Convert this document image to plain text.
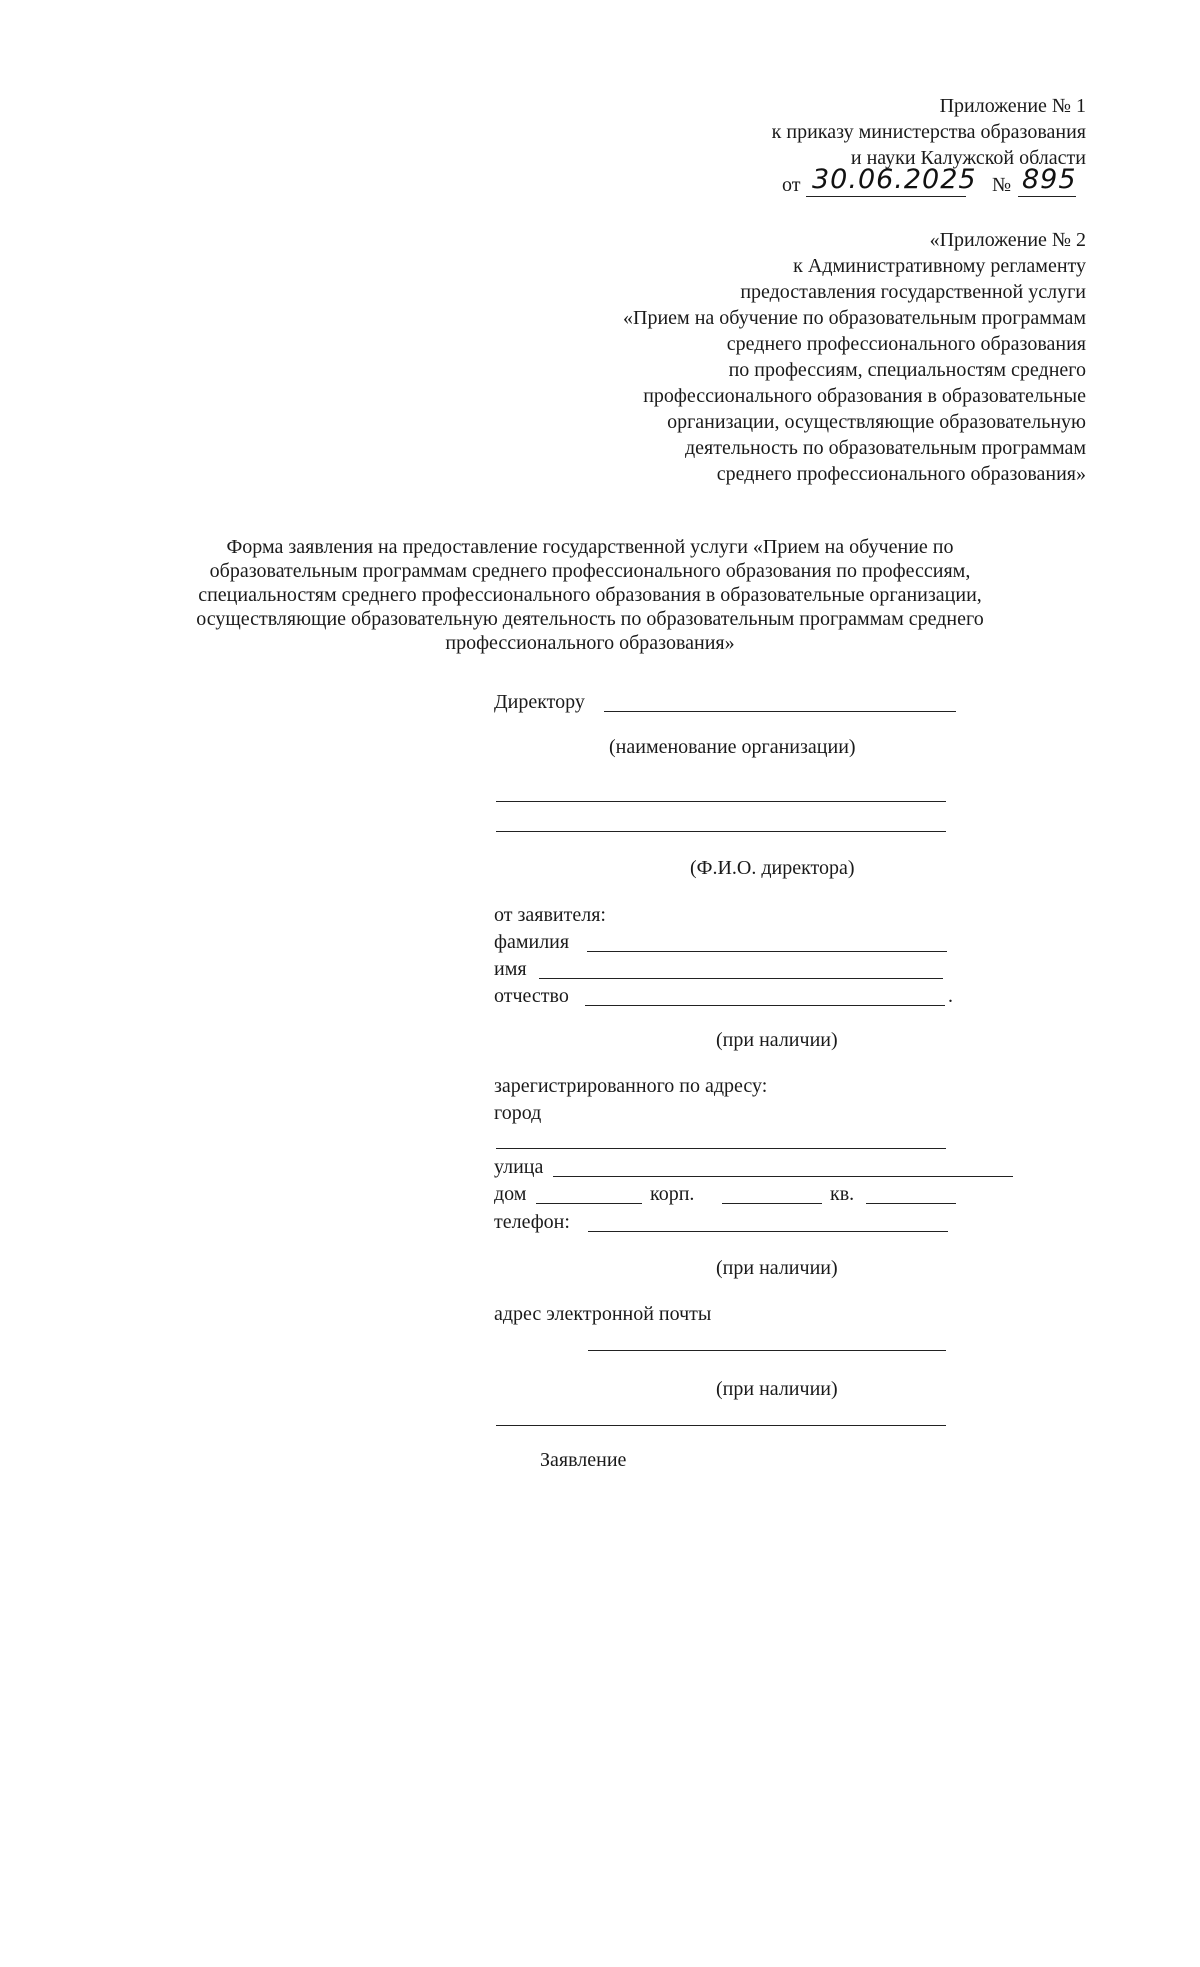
Приложение № 1
к приказу министерства образования
и науки Калужской области
от 30.06.2025 № 895
«Приложение № 2
к Административному регламенту
предоставления государственной услуги
«Прием на обучение по образовательным программам
среднего профессионального образования
по профессиям, специальностям среднего
профессионального образования в образовательные
организации, осуществляющие образовательную
деятельность по образовательным программам
среднего профессионального образования»
Форма заявления на предоставление государственной услуги «Прием на обучение по
образовательным программам среднего профессионального образования по профессиям,
специальностям среднего профессионального образования в образовательные организации,
осуществляющие образовательную деятельность по образовательным программам среднего
профессионального образования»
Директору
(наименование организации)
(Ф.И.О. директора)
от заявителя:
фамилия
имя
отчество	.
(при наличии)
зарегистрированного по адресу:
город
улица
дом	корп.	кв.
телефон:
(при наличии)
адрес электронной почты
(при наличии)
Заявление
